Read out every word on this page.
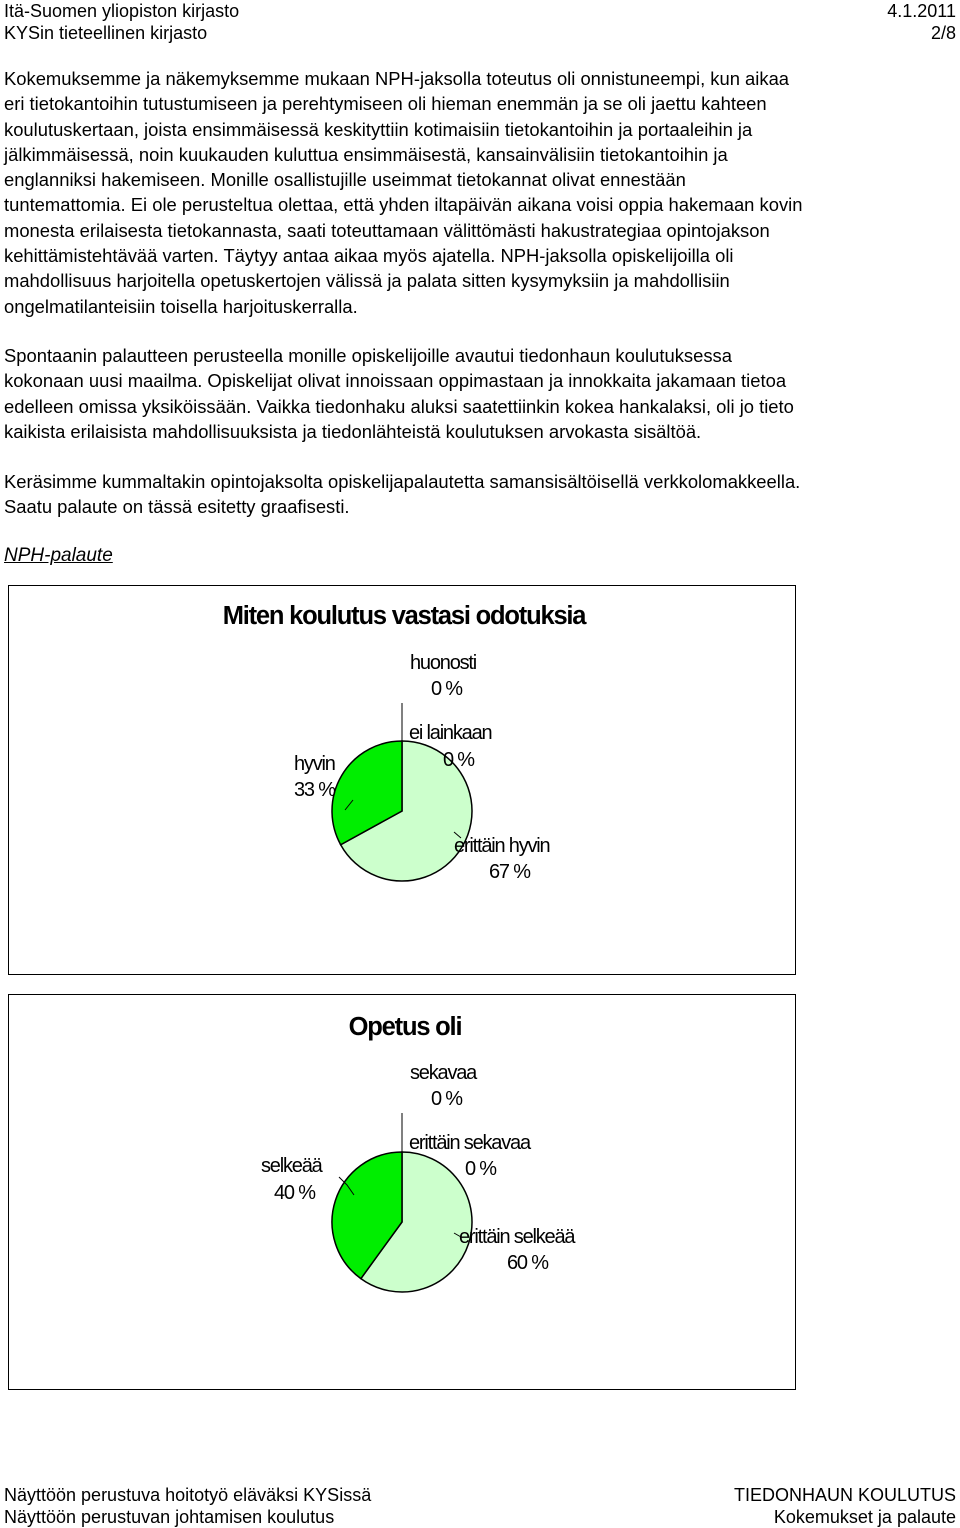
Itä-Suomen yliopiston kirjasto	4.1.2011
KYSin tieteellinen kirjasto	2/8
Kokemuksemme ja näkemyksemme mukaan NPH-jaksolla toteutus oli onnistuneempi, kun aikaa
eri tietokantoihin tutustumiseen ja perehtymiseen oli hieman enemmän ja se oli jaettu kahteen
koulutuskertaan, joista ensimmäisessä keskityttiin kotimaisiin tietokantoihin ja portaaleihin ja
jälkimmäisessä, noin kuukauden kuluttua ensimmäisestä, kansainvälisiin tietokantoihin ja
englanniksi hakemiseen. Monille osallistujille useimmat tietokannat olivat ennestään
tuntemattomia. Ei ole perusteltua olettaa, että yhden iltapäivän aikana voisi oppia hakemaan kovin
monesta erilaisesta tietokannasta, saati toteuttamaan välittömästi hakustrategiaa opintojakson
kehittämistehtävää varten. Täytyy antaa aikaa myös ajatella. NPH-jaksolla opiskelijoilla oli
mahdollisuus harjoitella opetuskertojen välissä ja palata sitten kysymyksiin ja mahdollisiin
ongelmatilanteisiin toisella harjoituskerralla.
Spontaanin palautteen perusteella monille opiskelijoille avautui tiedonhaun koulutuksessa
kokonaan uusi maailma. Opiskelijat olivat innoissaan oppimastaan ja innokkaita jakamaan tietoa
edelleen omissa yksiköissään. Vaikka tiedonhaku aluksi saatettiinkin kokea hankalaksi, oli jo tieto
kaikista erilaisista mahdollisuuksista ja tiedonlähteistä koulutuksen arvokasta sisältöä.
Keräsimme kummaltakin opintojaksolta opiskelijapalautetta samansisältöisellä verkkolomakkeella.
Saatu palaute on tässä esitetty graafisesti.
NPH-palaute
Miten koulutus vastasi odotuksia
huonosti
0 %
ei lainkaan
0 %
erittäin hyvin
67 %
hyvin
33 %
Opetus oli
sekavaa
0 %
erittäin sekavaa
0 %
erittäin selkeää
60 %
selkeää
40 %
Näyttöön perustuva hoitotyö eläväksi KYSissä	TIEDONHAUN KOULUTUS
Näyttöön perustuvan johtamisen koulutus	Kokemukset ja palaute
